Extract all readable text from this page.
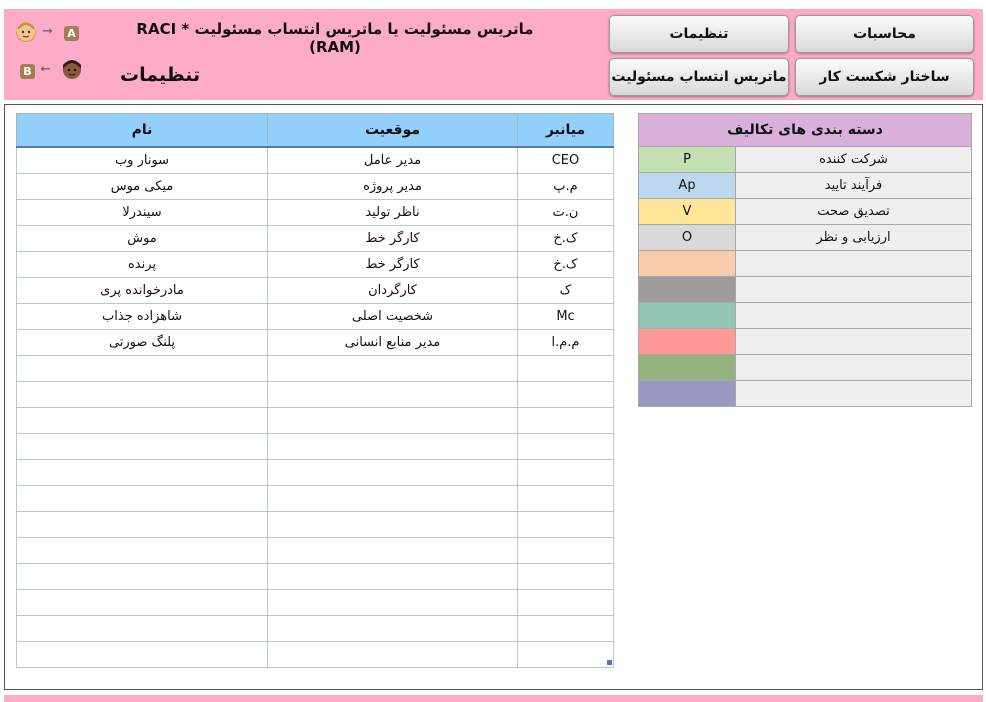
محاسبات
تنظیمات
ساختار شکست کار
ماتریس انتساب مسئولیت
ماتریس مسئولیت یا ماتریس انتساب مسئولیت RACI * (RAM)
تنظیمات
➞ A
B ➞
میانبر	موقعیت	نام
CEO	مدیر عامل	سونار وب
م.پ	مدیر پروژه	میکی موس
ن.ت	ناظر تولید	سیندرلا
ک.خ	کارگر خط	موش
ک.خ	کارگر خط	پرنده
ک	کارگردان	مادرخوانده پری
Mc	شخصیت اصلی	شاهزاده جذاب
م.م.ا	مدیر منابع انسانی	پلنگ صورتی

دسته بندی های تکالیف	
شرکت کننده	P
فرآیند تایید	Ap
تصدیق صحت	V
ارزیابی و نظر	O
